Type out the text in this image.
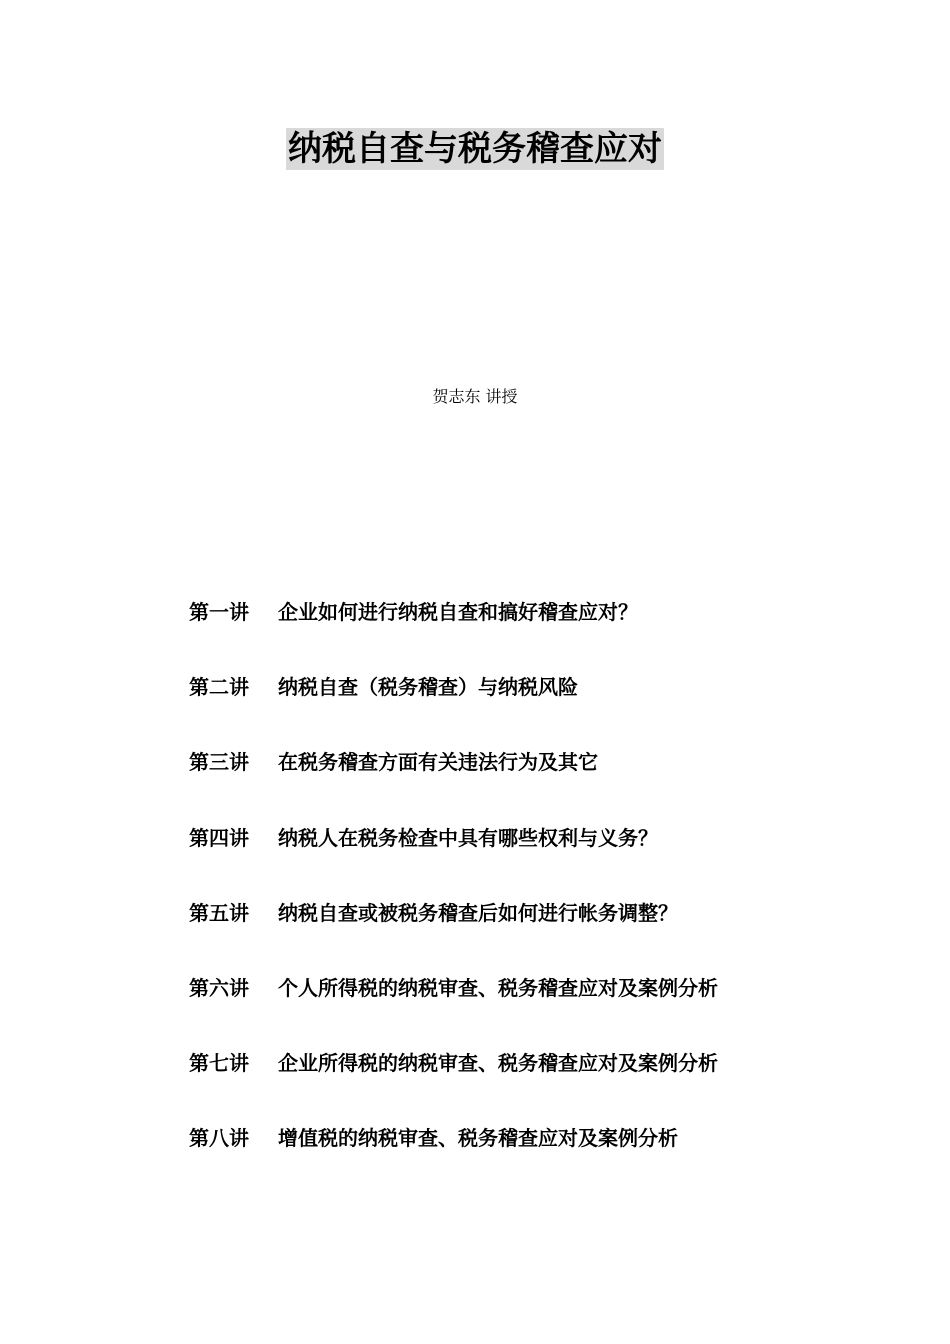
纳税自查与税务稽查应对
贺志东 讲授
第一讲	企业如何进行纳税自查和搞好稽查应对？
第二讲	纳税自查（税务稽查）与纳税风险
第三讲	在税务稽查方面有关违法行为及其它
第四讲	纳税人在税务检查中具有哪些权利与义务？
第五讲	纳税自查或被税务稽查后如何进行帐务调整？
第六讲	个人所得税的纳税审查、税务稽查应对及案例分析
第七讲	企业所得税的纳税审查、税务稽查应对及案例分析
第八讲	增值税的纳税审查、税务稽查应对及案例分析
